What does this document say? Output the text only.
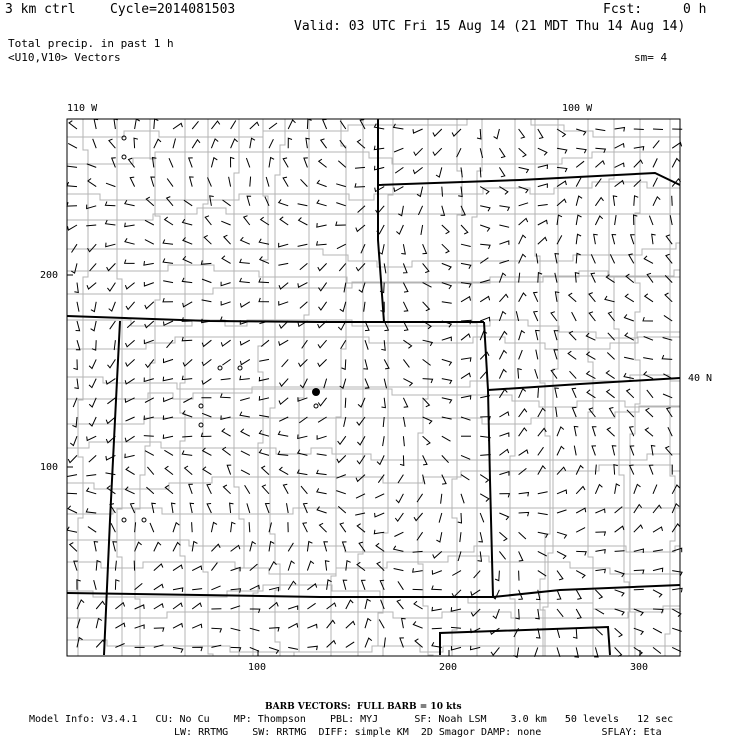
3 km ctrl	Cycle=2014081503	Fcst:	0 h
Valid: 03 UTC Fri 15 Aug 14 (21 MDT Thu 14 Aug 14)
Total precip. in past 1 h
<U10,V10> Vectors	sm= 4
110 W	100 W
40 N
200
100
100	200	300
BARB VECTORS:  FULL BARB = 10 kts
Model Info: V3.4.1   CU: No Cu    MP: Thompson    PBL: MYJ      SF: Noah LSM    3.0 km   50 levels   12 sec
LW: RRTMG    SW: RRTMG  DIFF: simple KM  2D Smagor DAMP: none          SFLAY: Eta
